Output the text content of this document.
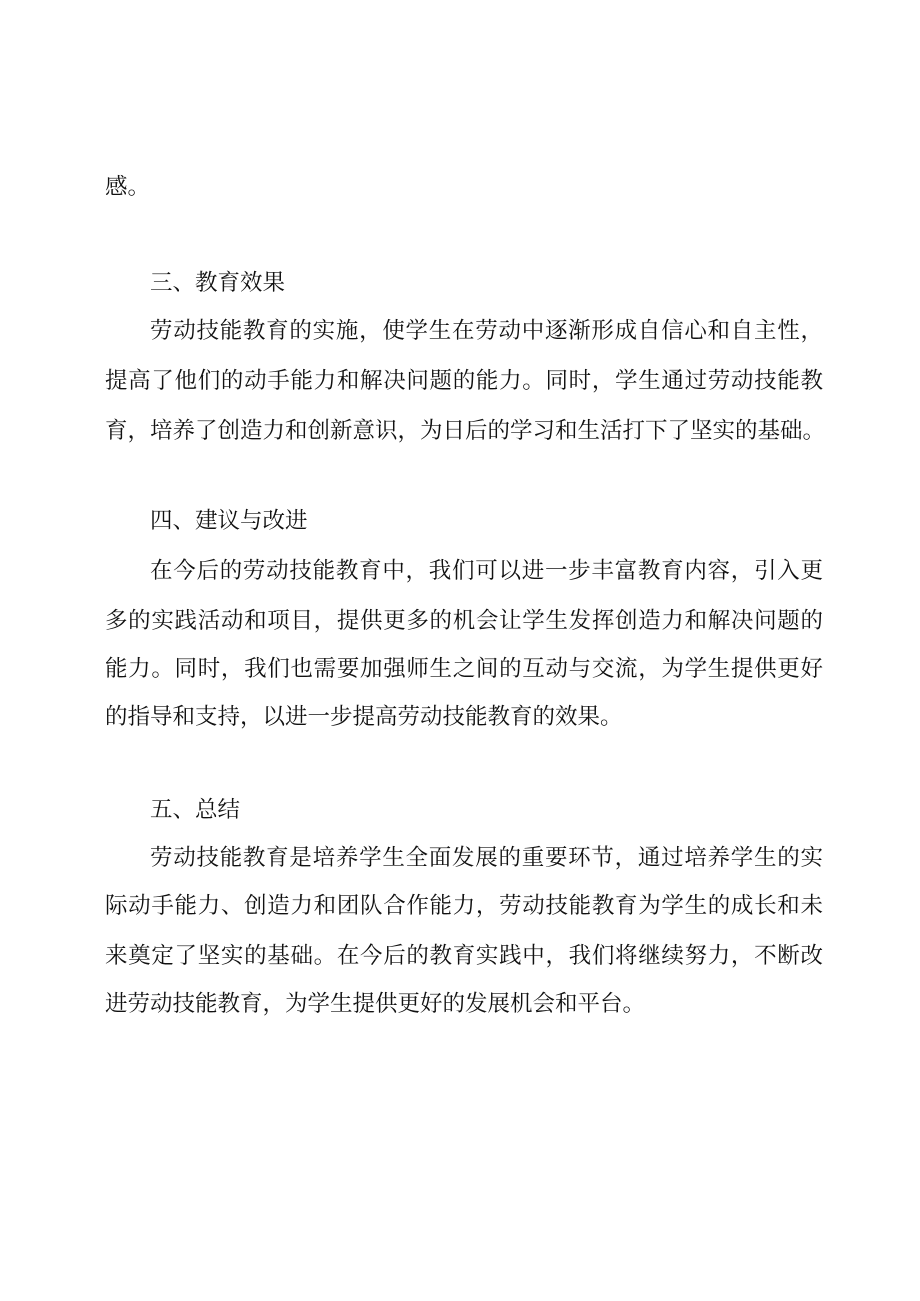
感。

三、教育效果

劳动技能教育的实施，使学生在劳动中逐渐形成自信心和自主性，

提高了他们的动手能力和解决问题的能力。同时，学生通过劳动技能教

育，培养了创造力和创新意识，为日后的学习和生活打下了坚实的基础。

四、建议与改进

在今后的劳动技能教育中，我们可以进一步丰富教育内容，引入更

多的实践活动和项目，提供更多的机会让学生发挥创造力和解决问题的

能力。同时，我们也需要加强师生之间的互动与交流，为学生提供更好

的指导和支持，以进一步提高劳动技能教育的效果。

五、总结

劳动技能教育是培养学生全面发展的重要环节，通过培养学生的实

际动手能力、创造力和团队合作能力，劳动技能教育为学生的成长和未

来奠定了坚实的基础。在今后的教育实践中，我们将继续努力，不断改

进劳动技能教育，为学生提供更好的发展机会和平台。
